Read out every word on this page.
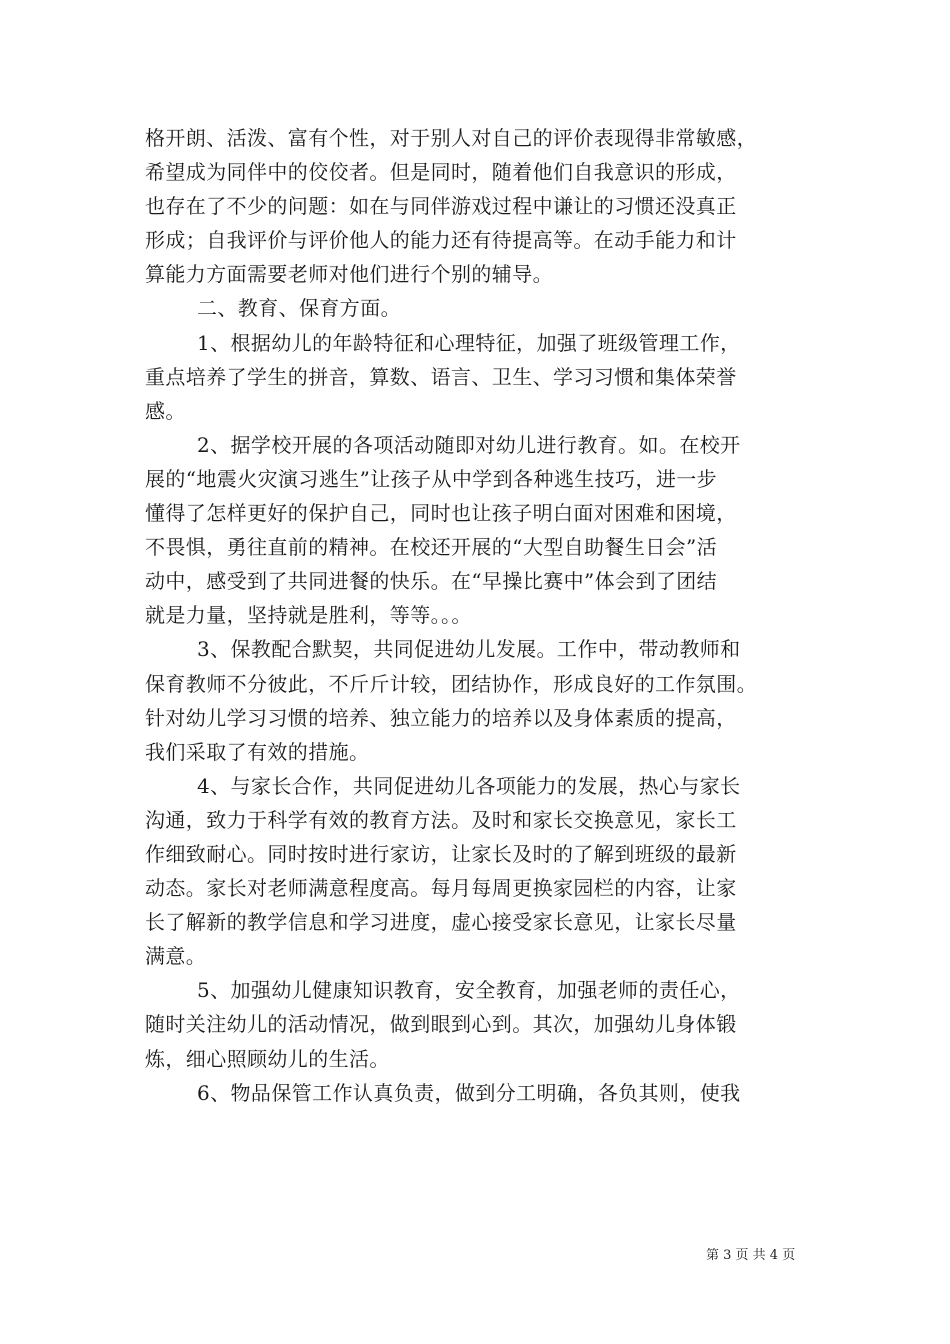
格开朗、活泼、富有个性，对于别人对自己的评价表现得非常敏感，
希望成为同伴中的佼佼者。但是同时，随着他们自我意识的形成，
也存在了不少的问题：如在与同伴游戏过程中谦让的习惯还没真正
形成；自我评价与评价他人的能力还有待提高等。在动手能力和计
算能力方面需要老师对他们进行个别的辅导。
二、教育、保育方面。
1、根据幼儿的年龄特征和心理特征，加强了班级管理工作，
重点培养了学生的拼音，算数、语言、卫生、学习习惯和集体荣誉
感。
2、据学校开展的各项活动随即对幼儿进行教育。如。在校开
展的“地震火灾演习逃生”让孩子从中学到各种逃生技巧，进一步
懂得了怎样更好的保护自己，同时也让孩子明白面对困难和困境，
不畏惧，勇往直前的精神。在校还开展的“大型自助餐生日会”活
动中，感受到了共同进餐的快乐。在“早操比赛中”体会到了团结
就是力量，坚持就是胜利，等等。。。
3、保教配合默契，共同促进幼儿发展。工作中，带动教师和
保育教师不分彼此，不斤斤计较，团结协作，形成良好的工作氛围。
针对幼儿学习习惯的培养、独立能力的培养以及身体素质的提高，
我们采取了有效的措施。
4、与家长合作，共同促进幼儿各项能力的发展，热心与家长
沟通，致力于科学有效的教育方法。及时和家长交换意见，家长工
作细致耐心。同时按时进行家访，让家长及时的了解到班级的最新
动态。家长对老师满意程度高。每月每周更换家园栏的内容，让家
长了解新的教学信息和学习进度，虚心接受家长意见，让家长尽量
满意。
5、加强幼儿健康知识教育，安全教育，加强老师的责任心，
随时关注幼儿的活动情况，做到眼到心到。其次，加强幼儿身体锻
炼，细心照顾幼儿的生活。
6、物品保管工作认真负责，做到分工明确，各负其则，使我
第 3 页 共 4 页
